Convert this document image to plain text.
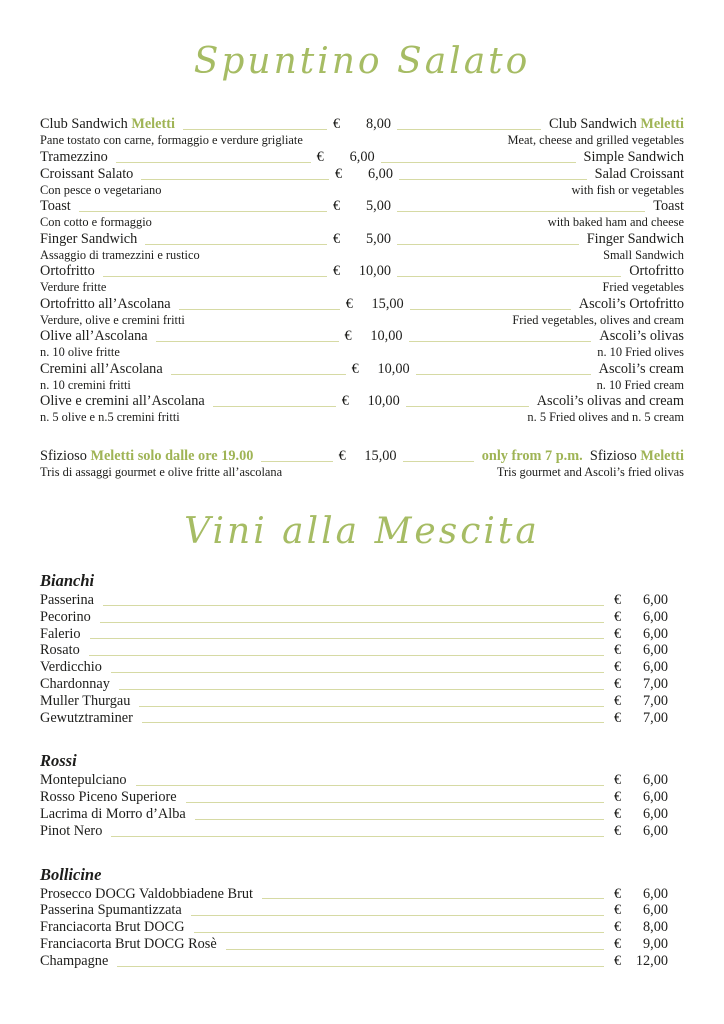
Spuntino Salato
Club Sandwich Meletti	€ 8,00	Club Sandwich Meletti
Pane tostato con carne, formaggio e verdure grigliate	Meat, cheese and grilled vegetables
Tramezzino	€ 6,00	Simple Sandwich
Croissant Salato	€ 6,00	Salad Croissant
Con pesce o vegetariano	with fish or vegetables
Toast	€ 5,00	Toast
Con cotto e formaggio	with baked ham and cheese
Finger Sandwich	€ 5,00	Finger Sandwich
Assaggio di tramezzini e rustico	Small Sandwich
Ortofritto	€ 10,00	Ortofritto
Verdure fritte	Fried vegetables
Ortofritto all’Ascolana	€ 15,00	Ascoli’s Ortofritto
Verdure, olive e cremini fritti	Fried vegetables, olives and cream
Olive all’Ascolana	€ 10,00	Ascoli’s olivas
n. 10 olive fritte	n. 10 Fried olives
Cremini all’Ascolana	€ 10,00	Ascoli’s cream
n. 10 cremini fritti	n. 10 Fried cream
Olive e cremini all’Ascolana	€ 10,00	Ascoli’s olivas and cream
n. 5 olive e n.5 cremini fritti	n. 5 Fried olives and n. 5 cream
Sfizioso Meletti solo dalle ore 19.00	€ 15,00	only from 7 p.m. Sfizioso Meletti
Tris di assaggi gourmet e olive fritte all’ascolana	Tris gourmet and Ascoli’s fried olivas
Vini alla Mescita
Bianchi
Passerina	€ 6,00
Pecorino	€ 6,00
Falerio	€ 6,00
Rosato	€ 6,00
Verdicchio	€ 6,00
Chardonnay	€ 7,00
Muller Thurgau	€ 7,00
Gewutztraminer	€ 7,00
Rossi
Montepulciano	€ 6,00
Rosso Piceno Superiore	€ 6,00
Lacrima di Morro d’Alba	€ 6,00
Pinot Nero	€ 6,00
Bollicine
Prosecco DOCG Valdobbiadene Brut	€ 6,00
Passerina Spumantizzata	€ 6,00
Franciacorta Brut DOCG	€ 8,00
Franciacorta Brut DOCG Rosè	€ 9,00
Champagne	€ 12,00
